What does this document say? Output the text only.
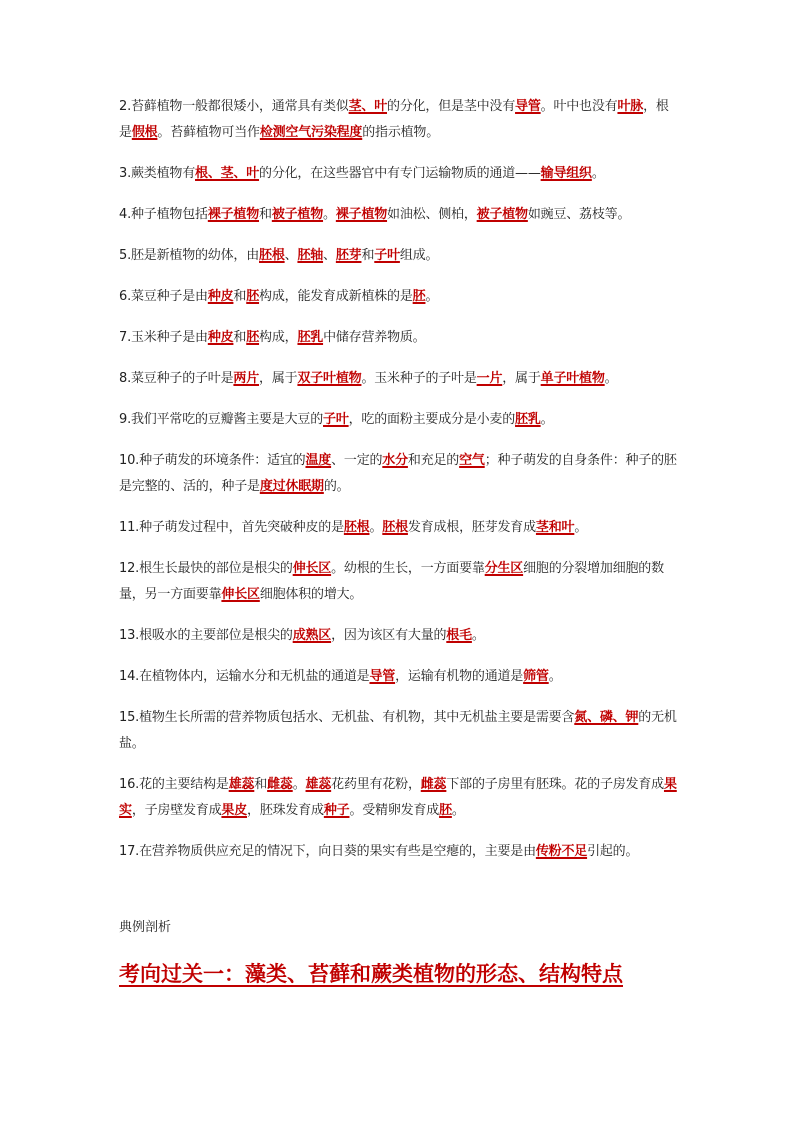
2.苔藓植物一般都很矮小，通常具有类似茎、叶的分化，但是茎中没有导管。叶中也没有叶脉，根是假根。苔藓植物可当作检测空气污染程度的指示植物。

3.蕨类植物有根、茎、叶的分化，在这些器官中有专门运输物质的通道——输导组织。

4.种子植物包括裸子植物和被子植物。裸子植物如油松、侧柏，被子植物如豌豆、荔枝等。

5.胚是新植物的幼体，由胚根、胚轴、胚芽和子叶组成。

6.菜豆种子是由种皮和胚构成，能发育成新植株的是胚。

7.玉米种子是由种皮和胚构成，胚乳中储存营养物质。

8.菜豆种子的子叶是两片，属于双子叶植物。玉米种子的子叶是一片，属于单子叶植物。

9.我们平常吃的豆瓣酱主要是大豆的子叶，吃的面粉主要成分是小麦的胚乳。

10.种子萌发的环境条件：适宜的温度、一定的水分和充足的空气；种子萌发的自身条件：种子的胚是完整的、活的，种子是度过休眠期的。

11.种子萌发过程中，首先突破种皮的是胚根。胚根发育成根，胚芽发育成茎和叶。

12.根生长最快的部位是根尖的伸长区。幼根的生长，一方面要靠分生区细胞的分裂增加细胞的数量，另一方面要靠伸长区细胞体积的增大。

13.根吸水的主要部位是根尖的成熟区，因为该区有大量的根毛。

14.在植物体内，运输水分和无机盐的通道是导管，运输有机物的通道是筛管。

15.植物生长所需的营养物质包括水、无机盐、有机物，其中无机盐主要是需要含氮、磷、钾的无机盐。

16.花的主要结构是雄蕊和雌蕊。雄蕊花药里有花粉，雌蕊下部的子房里有胚珠。花的子房发育成果实，子房壁发育成果皮，胚珠发育成种子。受精卵发育成胚。

17.在营养物质供应充足的情况下，向日葵的果实有些是空瘪的，主要是由传粉不足引起的。

典例剖析
考向过关一：藻类、苔藓和蕨类植物的形态、结构特点
